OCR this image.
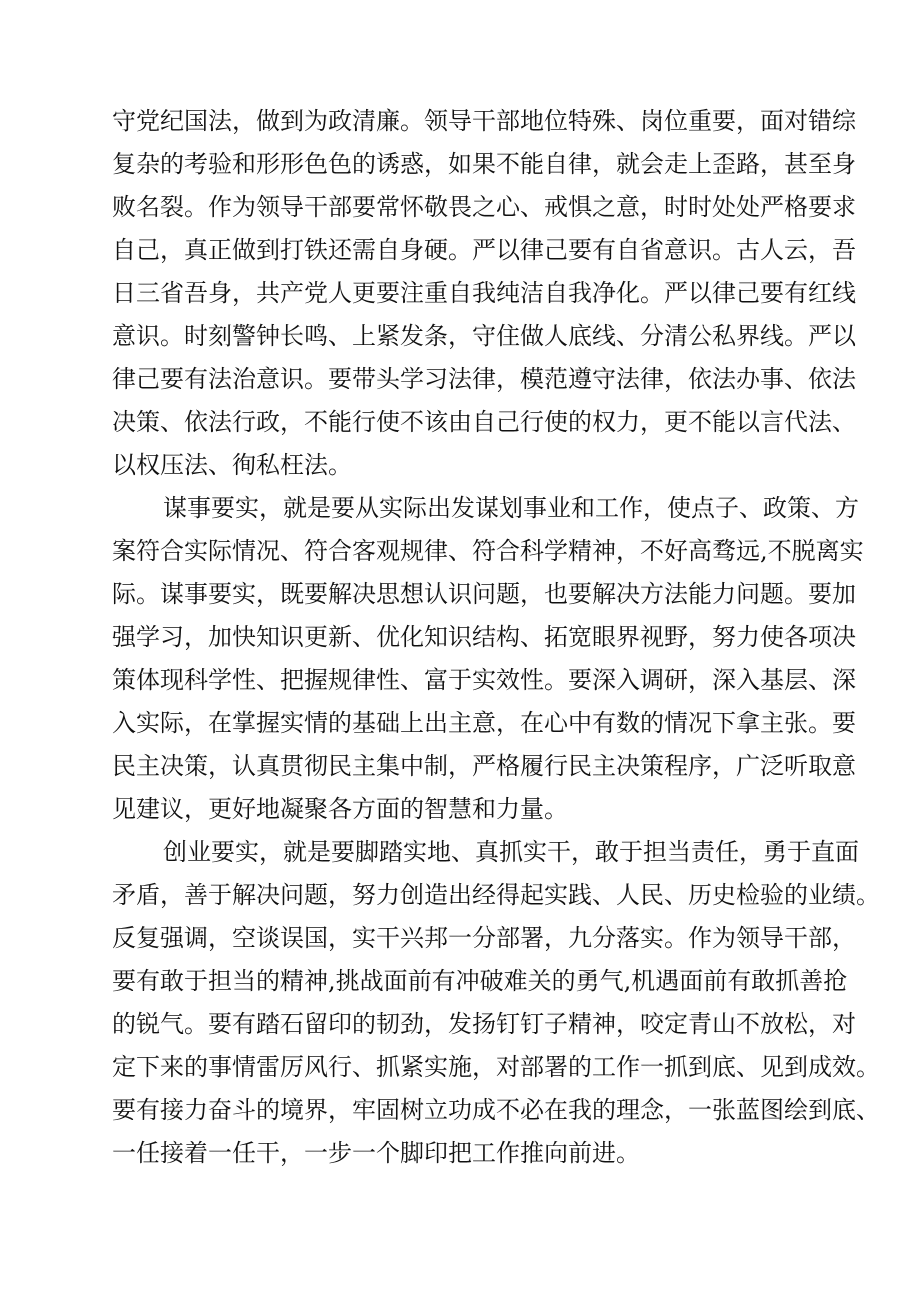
守党纪国法，做到为政清廉。领导干部地位特殊、岗位重要，面对错综
复杂的考验和形形色色的诱惑，如果不能自律，就会走上歪路，甚至身
败名裂。作为领导干部要常怀敬畏之心、戒惧之意，时时处处严格要求
自己，真正做到打铁还需自身硬。严以律己要有自省意识。古人云，吾
日三省吾身，共产党人更要注重自我纯洁自我净化。严以律己要有红线
意识。时刻警钟长鸣、上紧发条，守住做人底线、分清公私界线。严以
律己要有法治意识。要带头学习法律，模范遵守法律，依法办事、依法
决策、依法行政，不能行使不该由自己行使的权力，更不能以言代法、
以权压法、徇私枉法。
谋事要实，就是要从实际出发谋划事业和工作，使点子、政策、方
案符合实际情况、符合客观规律、符合科学精神，不好高骛远,不脱离实
际。谋事要实，既要解决思想认识问题，也要解决方法能力问题。要加
强学习，加快知识更新、优化知识结构、拓宽眼界视野，努力使各项决
策体现科学性、把握规律性、富于实效性。要深入调研，深入基层、深
入实际，在掌握实情的基础上出主意，在心中有数的情况下拿主张。要
民主决策，认真贯彻民主集中制，严格履行民主决策程序，广泛听取意
见建议，更好地凝聚各方面的智慧和力量。
创业要实，就是要脚踏实地、真抓实干，敢于担当责任，勇于直面
矛盾，善于解决问题，努力创造出经得起实践、人民、历史检验的业绩。
反复强调，空谈误国，实干兴邦一分部署，九分落实。作为领导干部，
要有敢于担当的精神,挑战面前有冲破难关的勇气,机遇面前有敢抓善抢
的锐气。要有踏石留印的韧劲，发扬钉钉子精神，咬定青山不放松，对
定下来的事情雷厉风行、抓紧实施，对部署的工作一抓到底、见到成效。
要有接力奋斗的境界，牢固树立功成不必在我的理念，一张蓝图绘到底、
一任接着一任干，一步一个脚印把工作推向前进。
